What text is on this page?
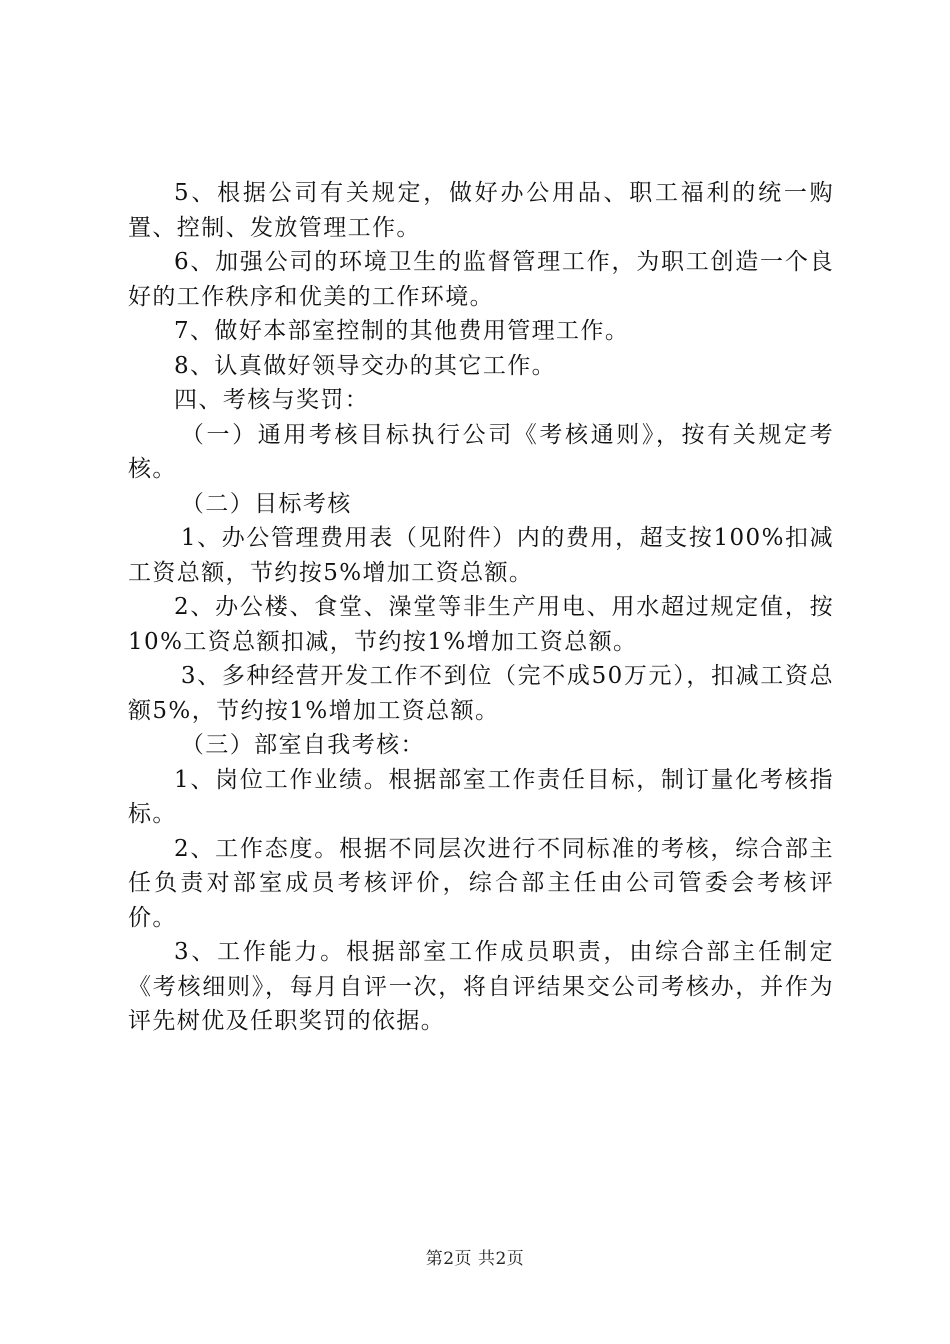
5、根据公司有关规定，做好办公用品、职工福利的统一购置、控制、发放管理工作。

6、加强公司的环境卫生的监督管理工作，为职工创造一个良好的工作秩序和优美的工作环境。

7、做好本部室控制的其他费用管理工作。

8、认真做好领导交办的其它工作。

四、考核与奖罚：

（一）通用考核目标执行公司《考核通则》，按有关规定考核。

（二）目标考核

1、办公管理费用表（见附件）内的费用，超支按100%扣减工资总额，节约按5%增加工资总额。

2、办公楼、食堂、澡堂等非生产用电、用水超过规定值，按10%工资总额扣减，节约按1%增加工资总额。

3、多种经营开发工作不到位（完不成50万元），扣减工资总额5%，节约按1%增加工资总额。

（三）部室自我考核：

1、岗位工作业绩。根据部室工作责任目标，制订量化考核指标。

2、工作态度。根据不同层次进行不同标准的考核，综合部主任负责对部室成员考核评价，综合部主任由公司管委会考核评价。

3、工作能力。根据部室工作成员职责，由综合部主任制定《考核细则》，每月自评一次，将自评结果交公司考核办，并作为评先树优及任职奖罚的依据。

第2页 共2页
